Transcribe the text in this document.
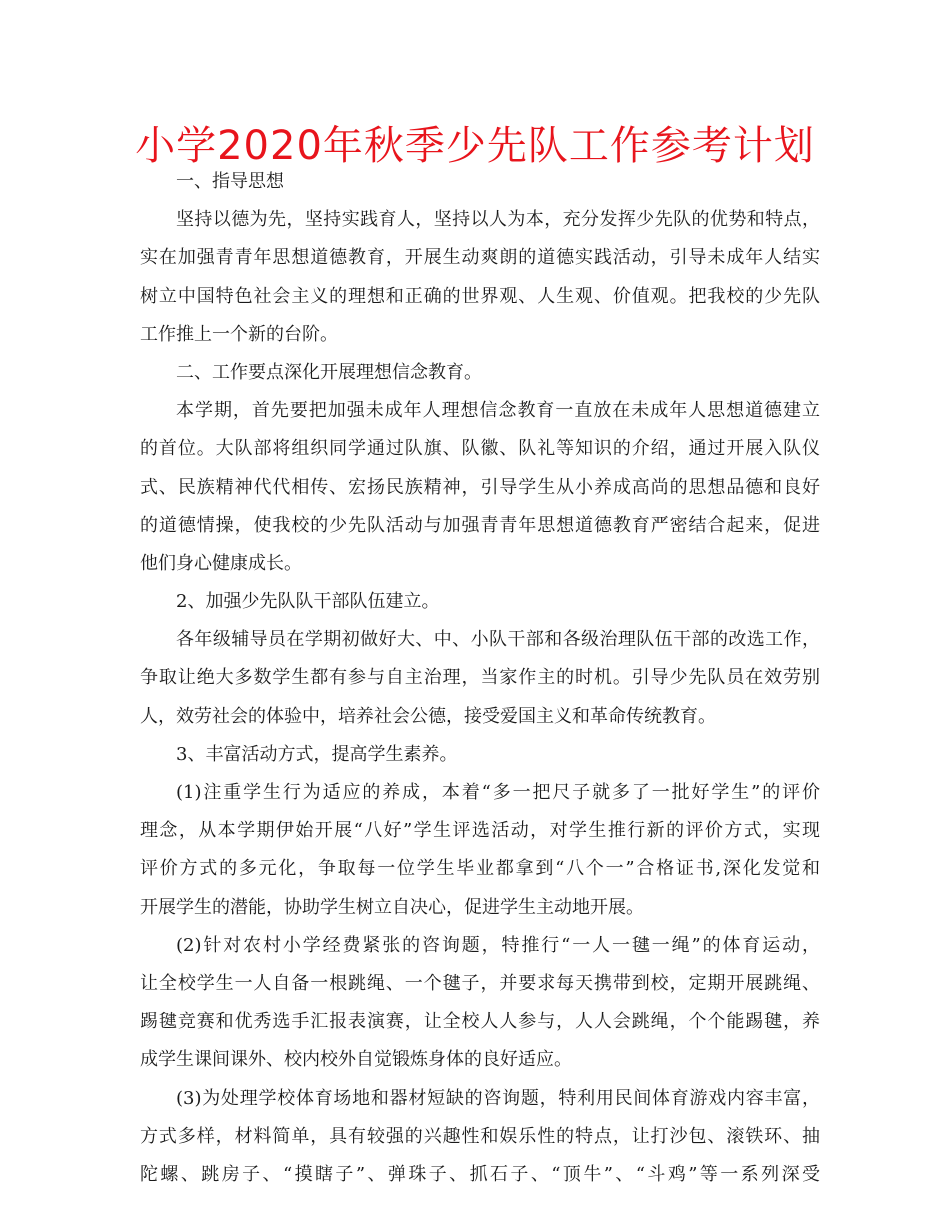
小学2020年秋季少先队工作参考计划

一、指导思想

坚持以德为先，坚持实践育人，坚持以人为本，充分发挥少先队的优势和特点，

实在加强青青年思想道德教育，开展生动爽朗的道德实践活动，引导未成年人结实

树立中国特色社会主义的理想和正确的世界观、人生观、价值观。把我校的少先队

工作推上一个新的台阶。

二、工作要点深化开展理想信念教育。

本学期，首先要把加强未成年人理想信念教育一直放在未成年人思想道德建立

的首位。大队部将组织同学通过队旗、队徽、队礼等知识的介绍，通过开展入队仪

式、民族精神代代相传、宏扬民族精神，引导学生从小养成高尚的思想品德和良好

的道德情操，使我校的少先队活动与加强青青年思想道德教育严密结合起来，促进

他们身心健康成长。

2、加强少先队队干部队伍建立。

各年级辅导员在学期初做好大、中、小队干部和各级治理队伍干部的改选工作，

争取让绝大多数学生都有参与自主治理，当家作主的时机。引导少先队员在效劳别

人，效劳社会的体验中，培养社会公德，接受爱国主义和革命传统教育。

3、丰富活动方式，提高学生素养。

(1)注重学生行为适应的养成，本着“多一把尺子就多了一批好学生”的评价

理念，从本学期伊始开展“八好”学生评选活动，对学生推行新的评价方式，实现

评价方式的多元化，争取每一位学生毕业都拿到“八个一”合格证书,深化发觉和

开展学生的潜能，协助学生树立自决心，促进学生主动地开展。

(2)针对农村小学经费紧张的咨询题，特推行“一人一毽一绳”的体育运动，

让全校学生一人自备一根跳绳、一个毽子，并要求每天携带到校，定期开展跳绳、

踢毽竞赛和优秀选手汇报表演赛，让全校人人参与，人人会跳绳，个个能踢毽，养

成学生课间课外、校内校外自觉锻炼身体的良好适应。

(3)为处理学校体育场地和器材短缺的咨询题，特利用民间体育游戏内容丰富，

方式多样，材料简单，具有较强的兴趣性和娱乐性的特点，让打沙包、滚铁环、抽

陀螺、跳房子、“摸瞎子”、弹珠子、抓石子、“顶牛”、“斗鸡”等一系列深受
